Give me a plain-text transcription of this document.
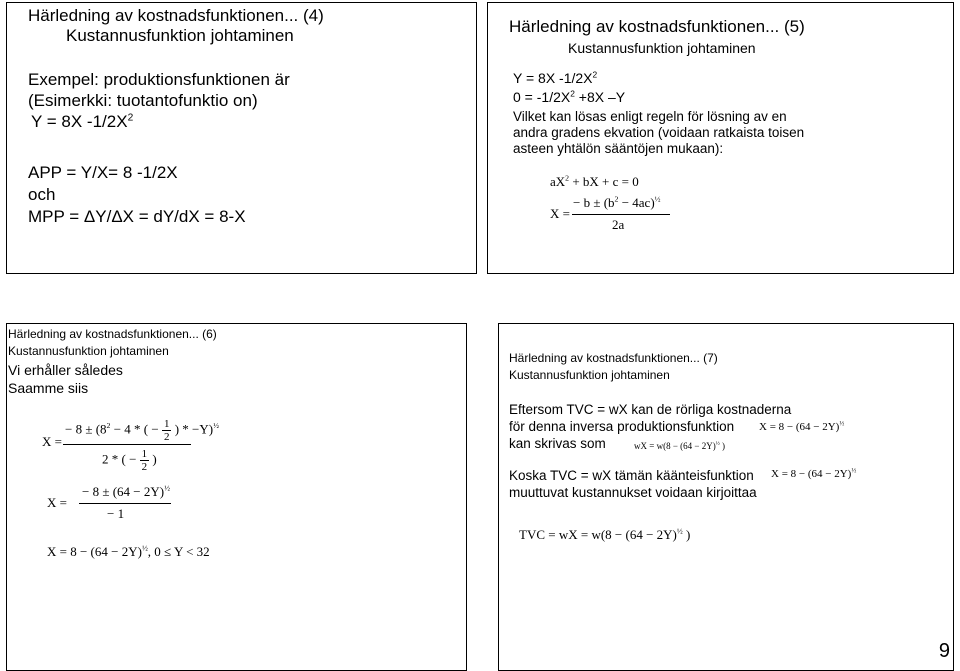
Härledning av kostnadsfunktionen... (4)
Kustannusfunktion johtaminen
Exempel: produktionsfunktionen är
(Esimerkki: tuotantofunktio on)
Y = 8X $-1/2X^2$
APP = Y/X= 8 -1/2X
och
MPP = ΔY/ΔX = dY/dX = 8-X
Härledning av kostnadsfunktionen... (5)
Kustannusfunktion johtaminen
Y = 8X $-1/2X^2$
$0 = -1/2X^2 +8X$ –Y
Vilket kan lösas enligt regeln för lösning av en
andra gradens ekvation (voidaan ratkaista toisen
asteen yhtälön sääntöjen mukaan):
$aX^2$ + bX + c = 0
X =
− $b \pm (b^2 - 4ac)^{\frac{1}{2}}$
2a
Härledning av kostnadsfunktionen... (6)
Kustannusfunktion johtaminen
Vi erhåller således
Saamme siis
X =
− $8 \pm (8^2 - 4$ * ( − $\frac{1}{2}$ ) * −Y)$^{\frac{1}{2}}$
2 * ( − $\frac{1}{2}$ )
X =
− $8 \pm (64 - 2Y)^{\frac{1}{2}}$
− 1
$X = 8 - (64 - 2Y)^{\frac{1}{2}}$, 0 ≤ Y < 32
Härledning av kostnadsfunktionen... (7)
Kustannusfunktion johtaminen
Eftersom TVC = wX kan de rörliga kostnaderna
för denna inversa produktionsfunktion $X = 8 - (64 - 2Y)^{\frac{1}{2}}$
kan skrivas som	wX = $w(8 - (64 - 2Y)^{\frac{1}{2}}$ )
Koska TVC = wX tämän käänteisfunktion $X = 8 - (64 - 2Y)^{\frac{1}{2}}$
muuttuvat kustannukset voidaan kirjoittaa
TVC = wX = $w(8 - (64 - 2Y)^{\frac{1}{2}}$ )
9
